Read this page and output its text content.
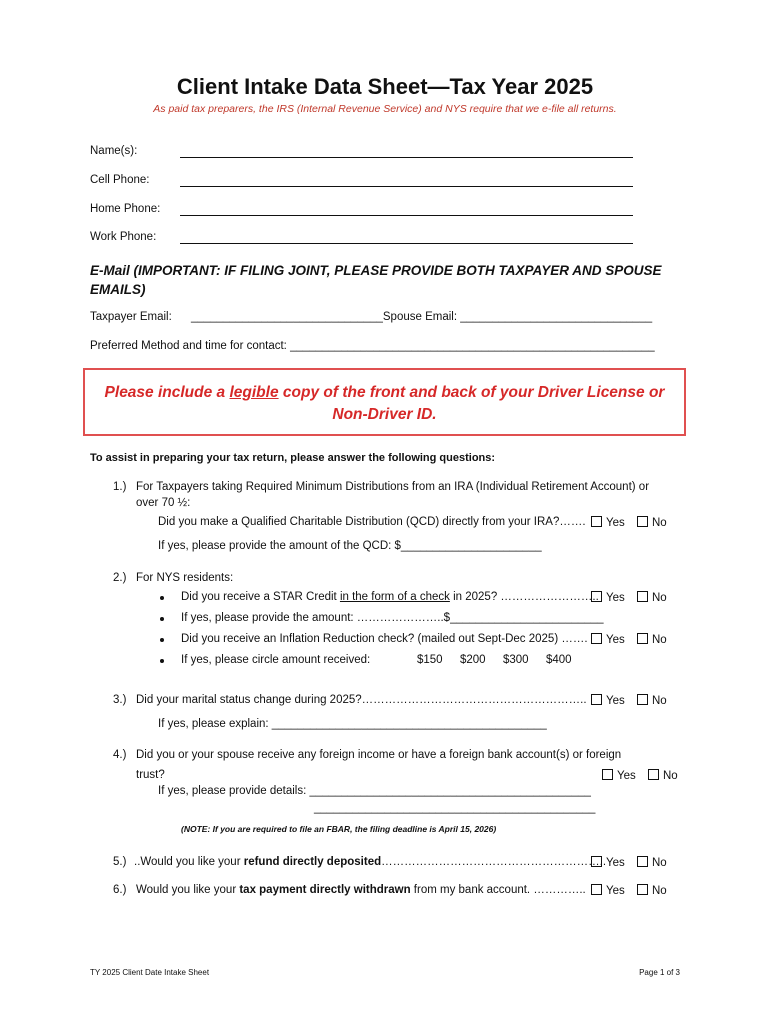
Client Intake Data Sheet—Tax Year 2025
As paid tax preparers, the IRS (Internal Revenue Service) and NYS require that we e-file all returns.
Name(s):
Cell Phone:
Home Phone:
Work Phone:
E-Mail (IMPORTANT: IF FILING JOINT, PLEASE PROVIDE BOTH TAXPAYER AND SPOUSE EMAILS)
Taxpayer Email: ______________________________Spouse Email: ______________________________
Preferred Method and time for contact: _________________________________________________________
Please include a legible copy of the front and back of your Driver License or Non-Driver ID.
To assist in preparing your tax return, please answer the following questions:
1.) For Taxpayers taking Required Minimum Distributions from an IRA (Individual Retirement Account) or
over 70 ½:
Did you make a Qualified Charitable Distribution (QCD) directly from your IRA?…….	Yes	No
If yes, please provide the amount of the QCD: $______________________
2.) For NYS residents:
Did you receive a STAR Credit in the form of a check in 2025? …………………….. Yes	No
If yes, please provide the amount: …………………..$________________________
Did you receive an Inflation Reduction check? (mailed out Sept-Dec 2025) …….	Yes	No
If yes, please circle amount received:	$150 $200 $300 $400
3.) Did your marital status change during 2025?…………………………………………………..	Yes	No
If yes, please explain: ___________________________________________
4.) Did you or your spouse receive any foreign income or have a foreign bank account(s) or foreign
trust?	Yes	No
If yes, please provide details: ____________________________________________
____________________________________________
(NOTE: If you are required to file an FBAR, the filing deadline is April 15, 2026)
5.) ..Would you like your refund directly deposited………………………………………………….. Yes	No
6.) Would you like your tax payment directly withdrawn from my bank account. …………..	Yes	No
TY 2025 Client Date Intake Sheet	Page 1 of 3
